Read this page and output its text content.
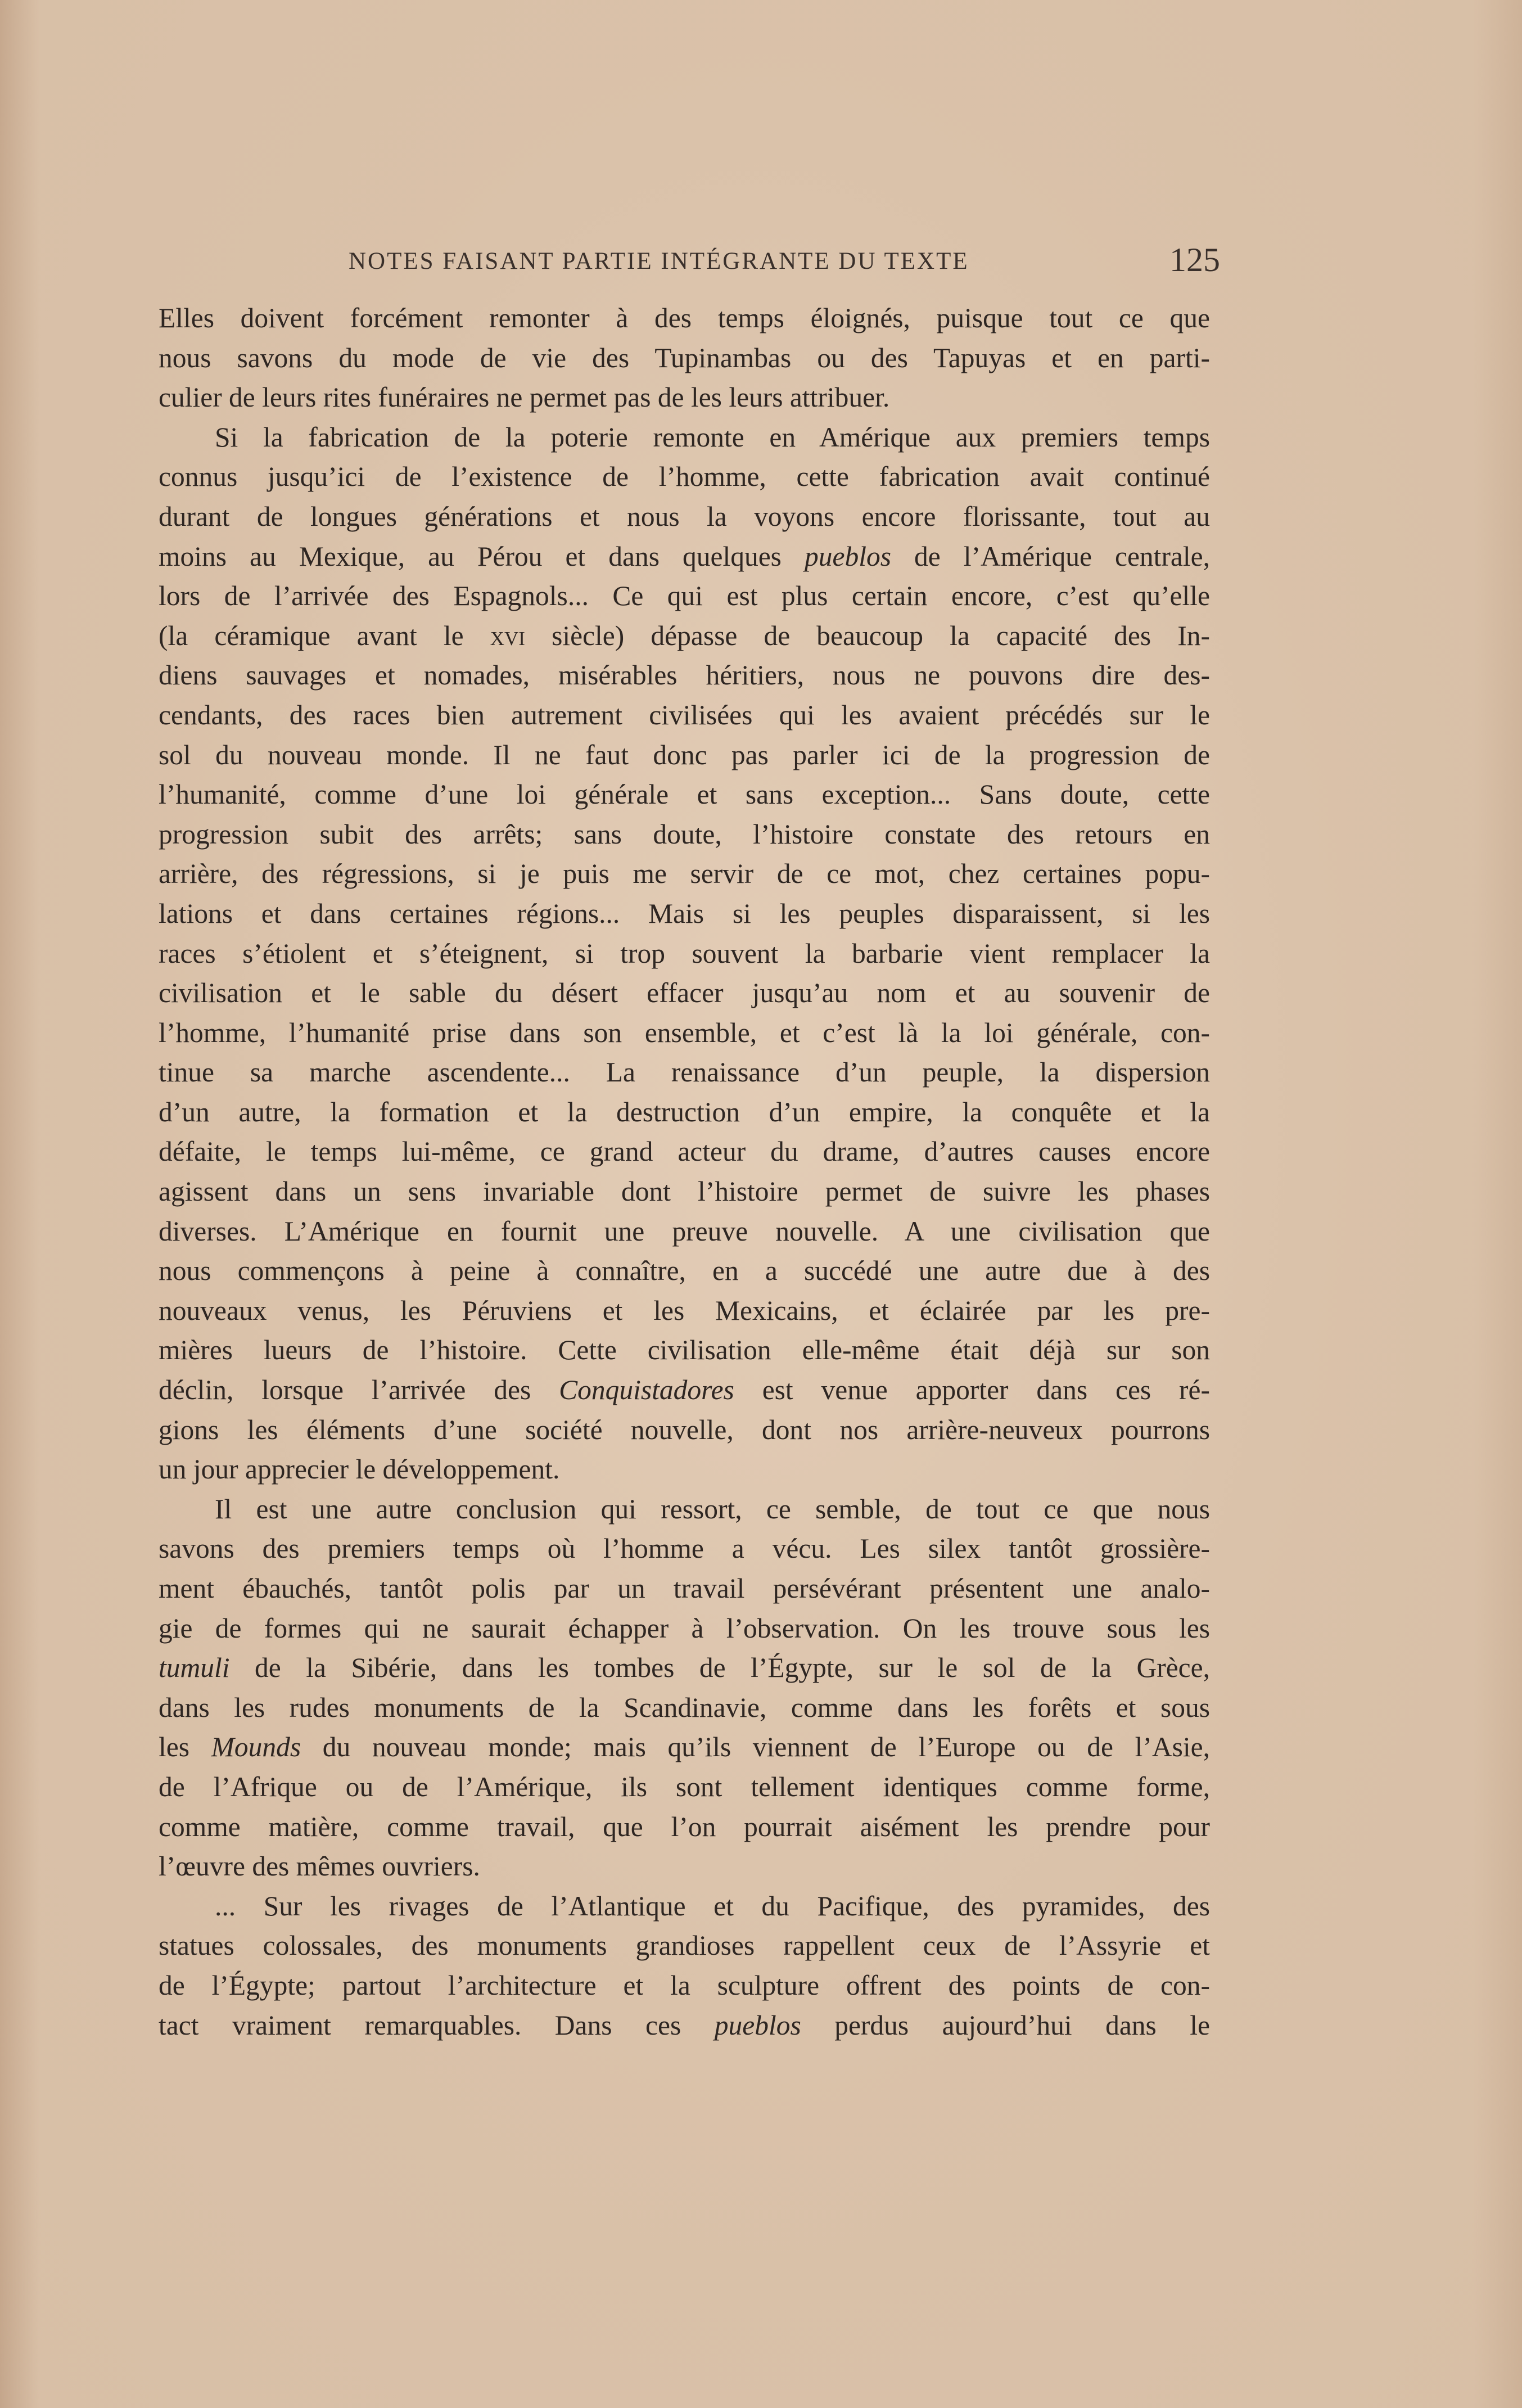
NOTES FAISANT PARTIE INTÉGRANTE DU TEXTE	125
Elles doivent forcément remonter à des temps éloignés, puisque tout ce que
nous savons du mode de vie des Tupinambas ou des Tapuyas et en parti-
culier de leurs rites funéraires ne permet pas de les leurs attribuer.
Si la fabrication de la poterie remonte en Amérique aux premiers temps
connus jusqu’ici de l’existence de l’homme, cette fabrication avait continué
durant de longues générations et nous la voyons encore florissante, tout au
moins au Mexique, au Pérou et dans quelques pueblos de l’Amérique centrale,
lors de l’arrivée des Espagnols... Ce qui est plus certain encore, c’est qu’elle
(la céramique avant le xvi siècle) dépasse de beaucoup la capacité des In-
diens sauvages et nomades, misérables héritiers, nous ne pouvons dire des-
cendants, des races bien autrement civilisées qui les avaient précédés sur le
sol du nouveau monde. Il ne faut donc pas parler ici de la progression de
l’humanité, comme d’une loi générale et sans exception... Sans doute, cette
progression subit des arrêts; sans doute, l’histoire constate des retours en
arrière, des régressions, si je puis me servir de ce mot, chez certaines popu-
lations et dans certaines régions... Mais si les peuples disparaissent, si les
races s’étiolent et s’éteignent, si trop souvent la barbarie vient remplacer la
civilisation et le sable du désert effacer jusqu’au nom et au souvenir de
l’homme, l’humanité prise dans son ensemble, et c’est là la loi générale, con-
tinue sa marche ascendente... La renaissance d’un peuple, la dispersion
d’un autre, la formation et la destruction d’un empire, la conquête et la
défaite, le temps lui-même, ce grand acteur du drame, d’autres causes encore
agissent dans un sens invariable dont l’histoire permet de suivre les phases
diverses. L’Amérique en fournit une preuve nouvelle. A une civilisation que
nous commençons à peine à connaître, en a succédé une autre due à des
nouveaux venus, les Péruviens et les Mexicains, et éclairée par les pre-
mières lueurs de l’histoire. Cette civilisation elle-même était déjà sur son
déclin, lorsque l’arrivée des Conquistadores est venue apporter dans ces ré-
gions les éléments d’une société nouvelle, dont nos arrière-neuveux pourrons
un jour apprecier le développement.
Il est une autre conclusion qui ressort, ce semble, de tout ce que nous
savons des premiers temps où l’homme a vécu. Les silex tantôt grossière-
ment ébauchés, tantôt polis par un travail persévérant présentent une analo-
gie de formes qui ne saurait échapper à l’observation. On les trouve sous les
tumuli de la Sibérie, dans les tombes de l’Égypte, sur le sol de la Grèce,
dans les rudes monuments de la Scandinavie, comme dans les forêts et sous
les Mounds du nouveau monde; mais qu’ils viennent de l’Europe ou de l’Asie,
de l’Afrique ou de l’Amérique, ils sont tellement identiques comme forme,
comme matière, comme travail, que l’on pourrait aisément les prendre pour
l’œuvre des mêmes ouvriers.
... Sur les rivages de l’Atlantique et du Pacifique, des pyramides, des
statues colossales, des monuments grandioses rappellent ceux de l’Assyrie et
de l’Égypte; partout l’architecture et la sculpture offrent des points de con-
tact vraiment remarquables. Dans ces pueblos perdus aujourd’hui dans le
